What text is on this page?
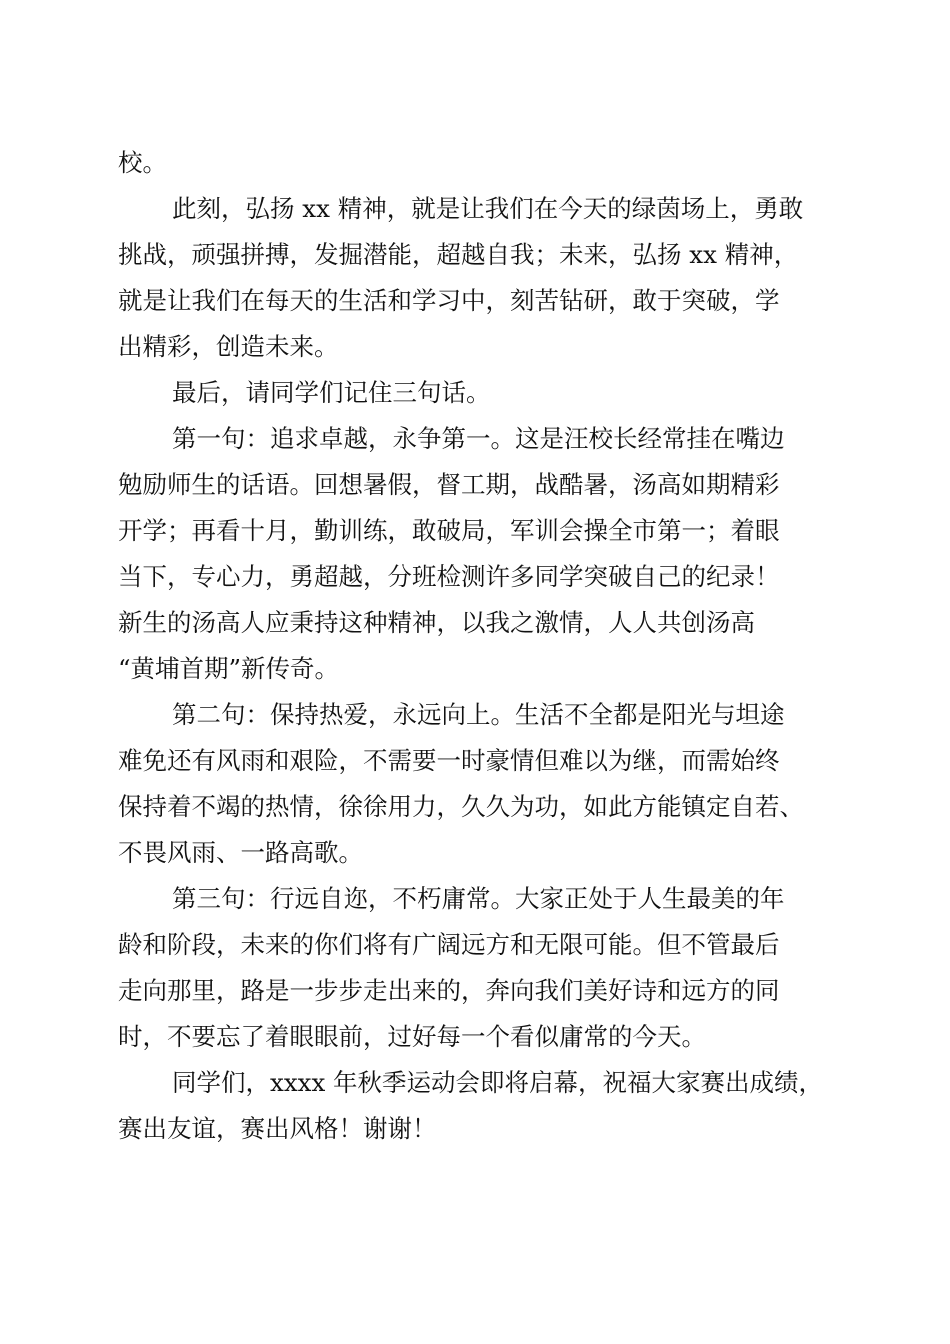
校。
此刻，弘扬 xx 精神，就是让我们在今天的绿茵场上，勇敢
挑战，顽强拼搏，发掘潜能，超越自我；未来，弘扬 xx 精神，
就是让我们在每天的生活和学习中，刻苦钻研，敢于突破，学
出精彩，创造未来。
最后，请同学们记住三句话。
第一句：追求卓越，永争第一。这是汪校长经常挂在嘴边
勉励师生的话语。回想暑假，督工期，战酷暑，汤高如期精彩
开学；再看十月，勤训练，敢破局，军训会操全市第一；着眼
当下，专心力，勇超越，分班检测许多同学突破自己的纪录！
新生的汤高人应秉持这种精神，以我之激情，人人共创汤高
“黄埔首期”新传奇。
第二句：保持热爱，永远向上。生活不全都是阳光与坦途
难免还有风雨和艰险，不需要一时豪情但难以为继，而需始终
保持着不竭的热情，徐徐用力，久久为功，如此方能镇定自若、
不畏风雨、一路高歌。
第三句：行远自迩，不朽庸常。大家正处于人生最美的年
龄和阶段，未来的你们将有广阔远方和无限可能。但不管最后
走向那里，路是一步步走出来的，奔向我们美好诗和远方的同
时，不要忘了着眼眼前，过好每一个看似庸常的今天。
同学们，xxxx 年秋季运动会即将启幕，祝福大家赛出成绩，
赛出友谊，赛出风格！谢谢！
